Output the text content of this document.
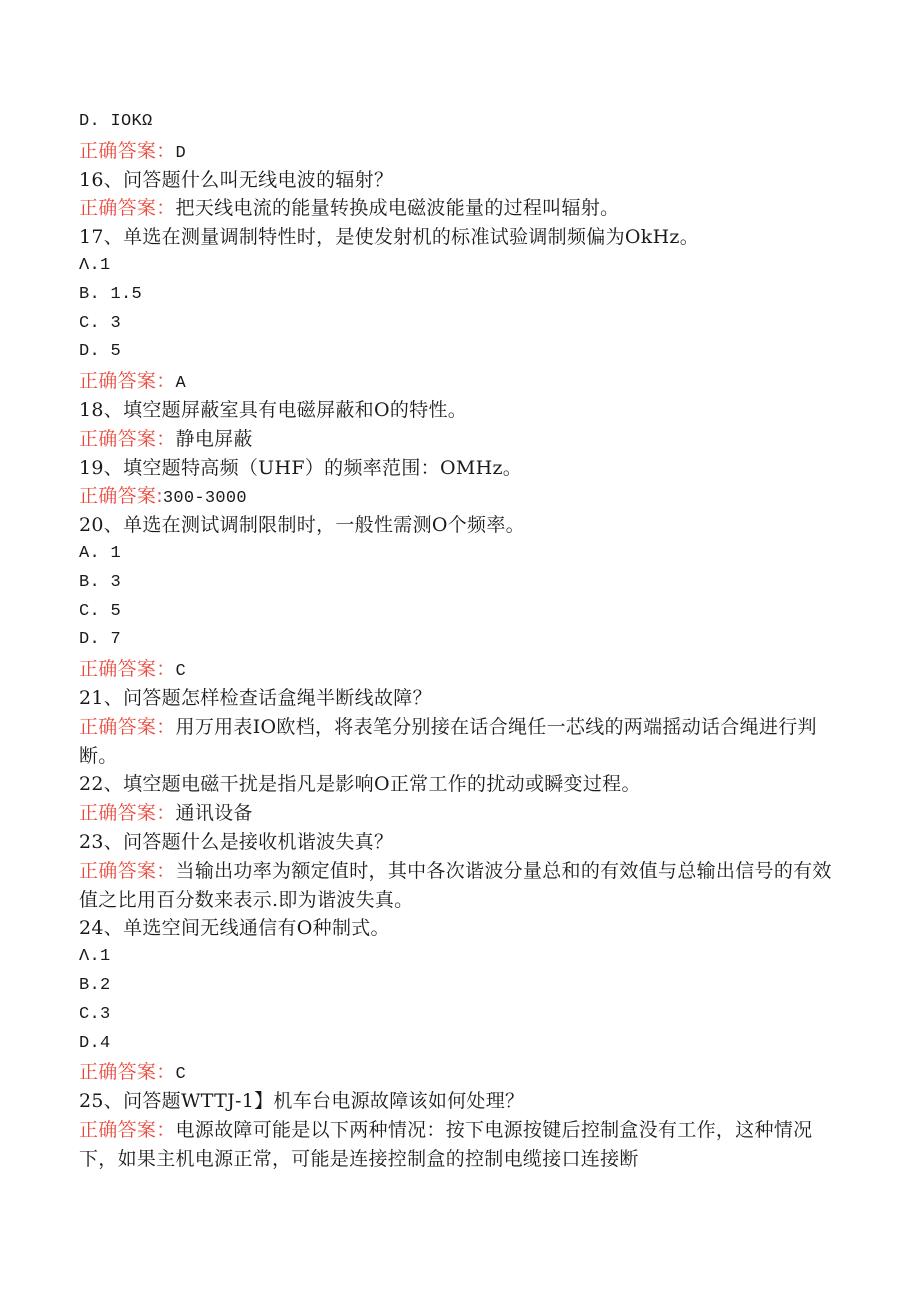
D. IOKΩ
正确答案：D
16、问答题什么叫无线电波的辐射？
正确答案：把天线电流的能量转换成电磁波能量的过程叫辐射。
17、单选在测量调制特性时，是使发射机的标准试验调制频偏为OkHz。
Λ.1
B. 1.5
C. 3
D. 5
正确答案：A
18、填空题屏蔽室具有电磁屏蔽和O的特性。
正确答案：静电屏蔽
19、填空题特高频（UHF）的频率范围：OMHz。
正确答案:300-3000
20、单选在测试调制限制时，一般性需测O个频率。
A. 1
B. 3
C. 5
D. 7
正确答案：C
21、问答题怎样检查话盒绳半断线故障？
正确答案：用万用表IO欧档，将表笔分别接在话合绳任一芯线的两端摇动话合绳进行判断。
22、填空题电磁干扰是指凡是影响O正常工作的扰动或瞬变过程。
正确答案：通讯设备
23、问答题什么是接收机谐波失真？
正确答案：当输出功率为额定值时，其中各次谐波分量总和的有效值与总输出信号的有效值之比用百分数来表示.即为谐波失真。
24、单选空间无线通信有O种制式。
Λ.1
B.2
C.3
D.4
正确答案：C
25、问答题WTTJ-1】机车台电源故障该如何处理？
正确答案：电源故障可能是以下两种情况：按下电源按键后控制盒没有工作，这种情况下，如果主机电源正常，可能是连接控制盒的控制电缆接口连接断
